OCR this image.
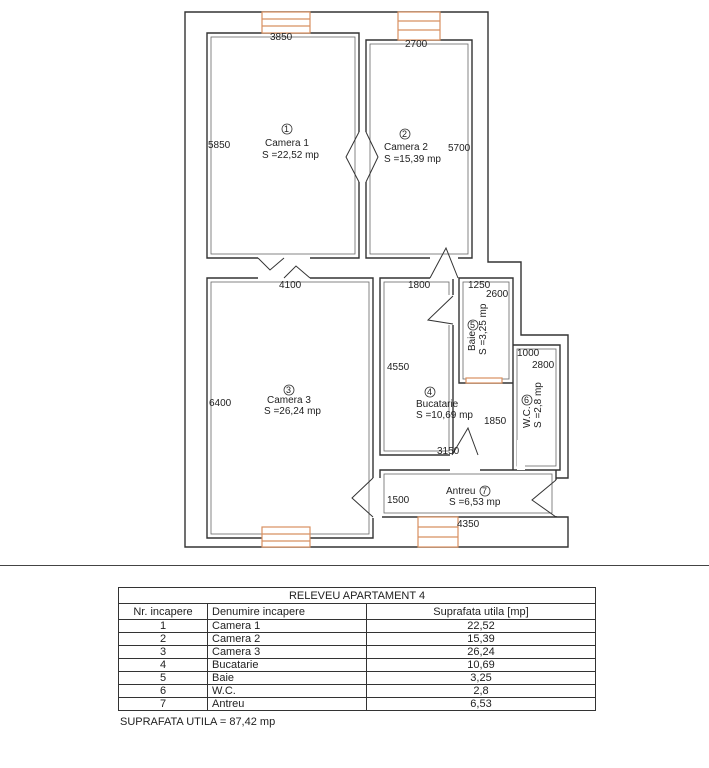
3850
5850
2700
5700
4100
6400
1800
4550
3150
1250
2600
1850
1000
2800
4350
1500
1
Camera 1
S =22,52 mp
2
Camera 2
S =15,39 mp
3
Camera 3
S =26,24 mp
4
Bucatarie
S =10,69 mp
5
Baie S =3,25 mp
6
W.C. S =2,8 mp
7
Antreu
S =6,53 mp
RELEVEU APARTAMENT 4		
Nr. incapere	Denumire incapere	Suprafata utila [mp]
1	Camera 1	22,52
2	Camera 2	15,39
3	Camera 3	26,24
4	Bucatarie	10,69
5	Baie	3,25
6	W.C.	2,8
7	Antreu	6,53
SUPRAFATA UTILA = 87,42 mp
